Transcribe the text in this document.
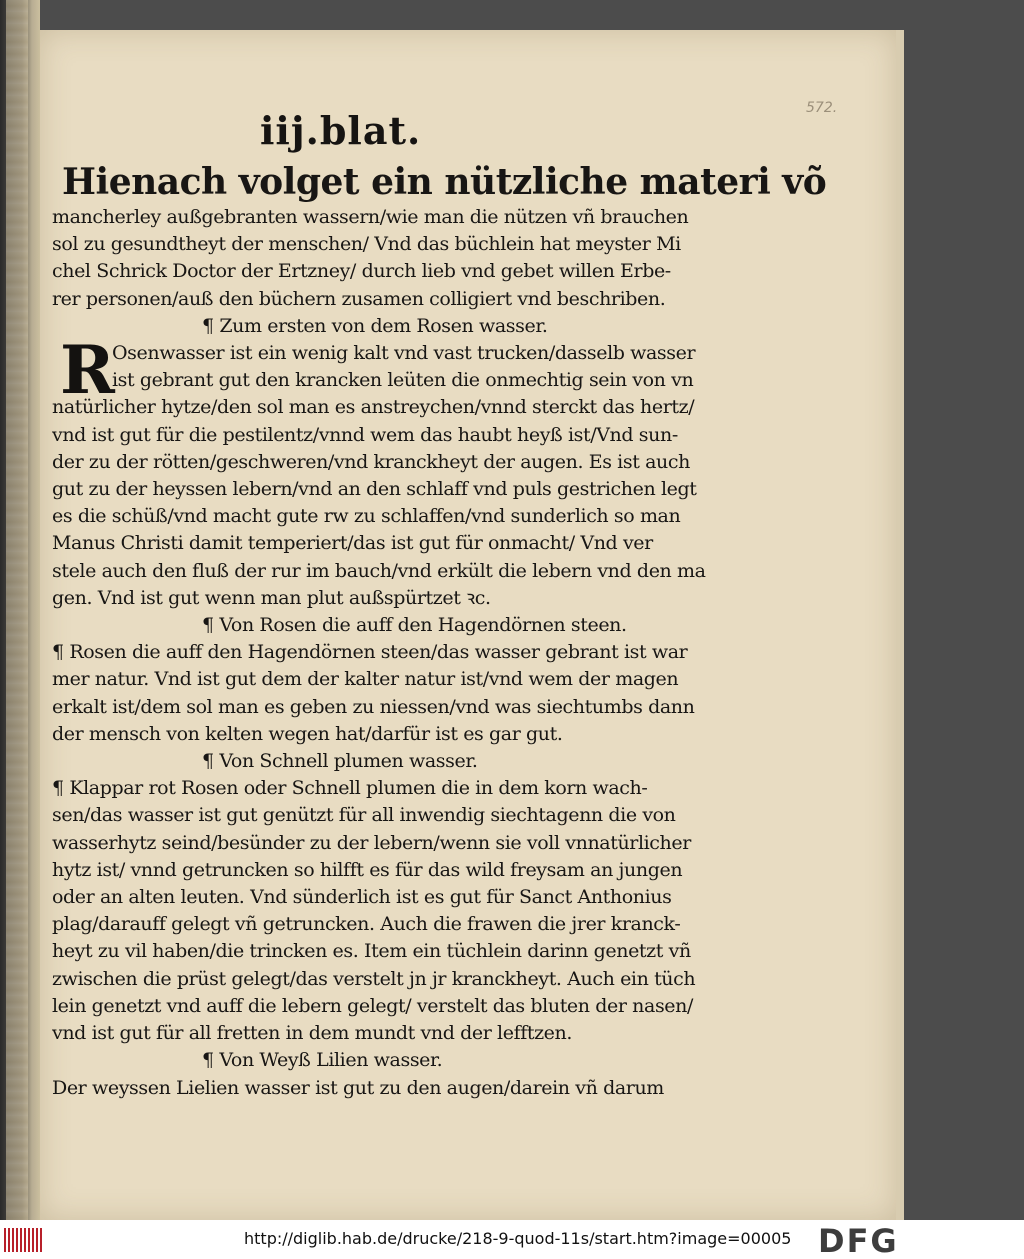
572.
iij.blat.
Hienach volget ein nützliche materi võ
mancherley außgebranten wassern/wie man die nützen vñ brauchen
sol zu gesundtheyt der menschen/ Vnd das büchlein hat meyster Mi
chel Schrick Doctor der Ertzney/ durch lieb vnd gebet willen Erbe-
rer personen/auß den büchern zusamen colligiert vnd beschriben.
¶ Zum ersten von dem Rosen wasser.
R
Osenwasser ist ein wenig kalt vnd vast trucken/dasselb wasser
ist gebrant gut den krancken leüten die onmechtig sein von vn
natürlicher hytze/den sol man es anstreychen/vnnd sterckt das hertz/
vnd ist gut für die pestilentz/vnnd wem das haubt heyß ist/Vnd sun-
der zu der rötten/geschweren/vnd kranckheyt der augen. Es ist auch
gut zu der heyssen lebern/vnd an den schlaff vnd puls gestrichen legt
es die schüß/vnd macht gute rw zu schlaffen/vnd sunderlich so man
Manus Christi damit temperiert/das ist gut für onmacht/ Vnd ver
stele auch den fluß der rur im bauch/vnd erkült die lebern vnd den ma
gen. Vnd ist gut wenn man plut außspürtzet ꝛc.
¶ Von Rosen die auff den Hagendörnen steen.
¶ Rosen die auff den Hagendörnen steen/das wasser gebrant ist war
mer natur. Vnd ist gut dem der kalter natur ist/vnd wem der magen
erkalt ist/dem sol man es geben zu niessen/vnd was siechtumbs dann
der mensch von kelten wegen hat/darfür ist es gar gut.
¶ Von Schnell plumen wasser.
¶ Klappar rot Rosen oder Schnell plumen die in dem korn wach-
sen/das wasser ist gut genützt für all inwendig siechtagenn die von
wasserhytz seind/besünder zu der lebern/wenn sie voll vnnatürlicher
hytz ist/ vnnd getruncken so hilfft es für das wild freysam an jungen
oder an alten leuten. Vnd sünderlich ist es gut für Sanct Anthonius
plag/darauff gelegt vñ getruncken. Auch die frawen die jrer kranck-
heyt zu vil haben/die trincken es. Item ein tüchlein darinn genetzt vñ
zwischen die prüst gelegt/das verstelt jn jr kranckheyt. Auch ein tüch
lein genetzt vnd auff die lebern gelegt/ verstelt das bluten der nasen/
vnd ist gut für all fretten in dem mundt vnd der lefftzen.
¶ Von Weyß Lilien wasser.
Der weyssen Lielien wasser ist gut zu den augen/darein vñ darum
http://diglib.hab.de/drucke/218-9-quod-11s/start.htm?image=00005 DFG
